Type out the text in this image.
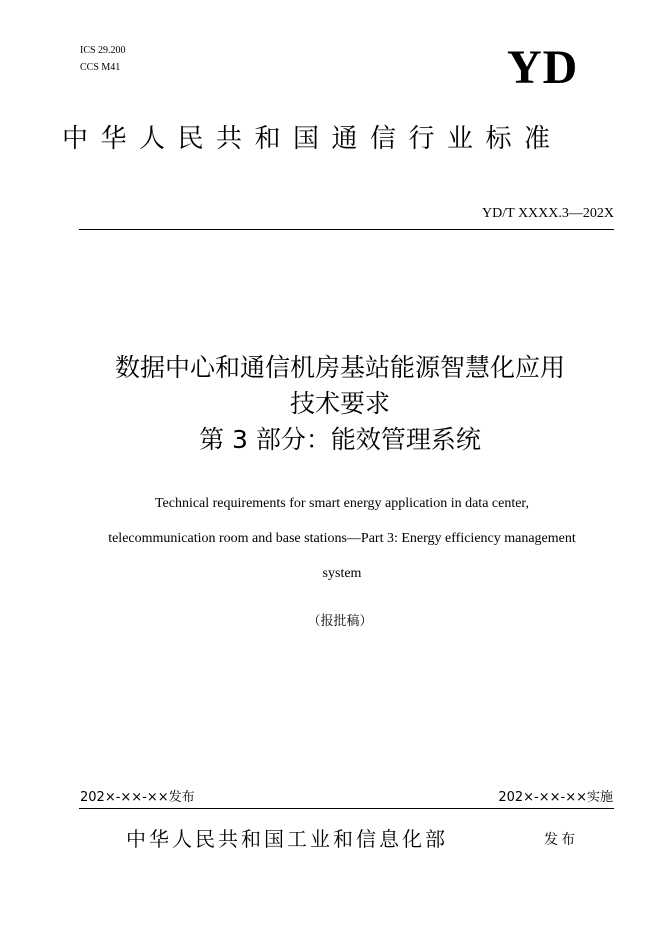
ICS 29.200
CCS M41	YD
中华人民共和国通信行业标准
YD/T XXXX.3—202X
数据中心和通信机房基站能源智慧化应用
技术要求
第 3 部分：能效管理系统
Technical requirements for smart energy application in data center,
telecommunication room and base stations—Part 3: Energy efficiency management
system
（报批稿）
202×-××-××发布	202×-××-××实施
中华人民共和国工业和信息化部	发布
